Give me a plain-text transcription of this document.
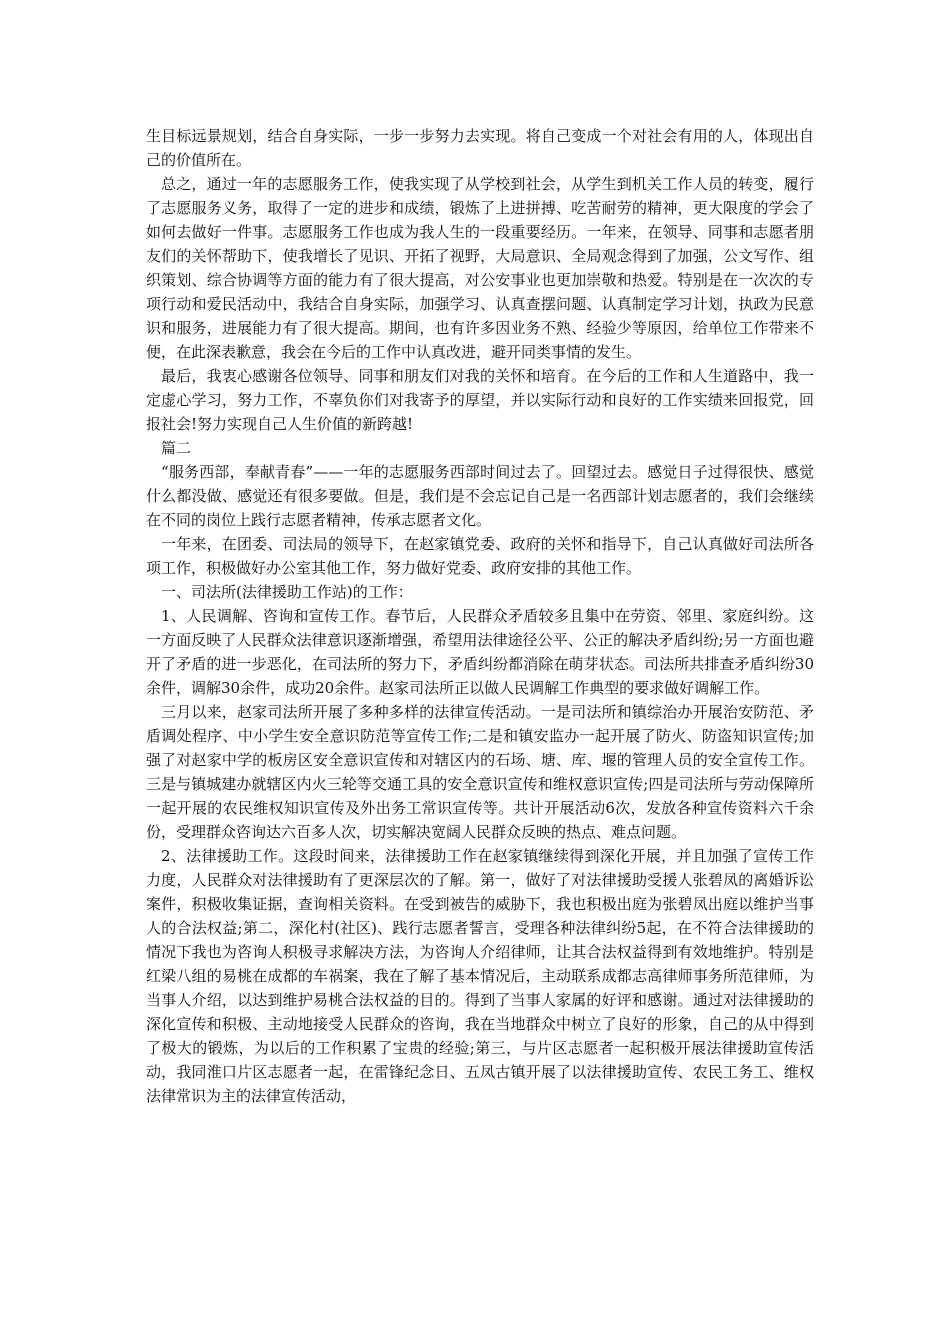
生目标远景规划，结合自身实际，一步一步努力去实现。将自己变成一个对社会有用的人，体现出自己的价值所在。

总之，通过一年的志愿服务工作，使我实现了从学校到社会，从学生到机关工作人员的转变，履行了志愿服务义务，取得了一定的进步和成绩，锻炼了上进拼搏、吃苦耐劳的精神，更大限度的学会了如何去做好一件事。志愿服务工作也成为我人生的一段重要经历。一年来，在领导、同事和志愿者朋友们的关怀帮助下，使我增长了见识、开拓了视野，大局意识、全局观念得到了加强，公文写作、组织策划、综合协调等方面的能力有了很大提高，对公安事业也更加崇敬和热爱。特别是在一次次的专项行动和爱民活动中，我结合自身实际，加强学习、认真查摆问题、认真制定学习计划，执政为民意识和服务，进展能力有了很大提高。期间，也有许多因业务不熟、经验少等原因，给单位工作带来不便，在此深表歉意，我会在今后的工作中认真改进，避开同类事情的发生。

最后，我衷心感谢各位领导、同事和朋友们对我的关怀和培育。在今后的工作和人生道路中，我一定虚心学习，努力工作，不辜负你们对我寄予的厚望，并以实际行动和良好的工作实绩来回报党，回报社会!努力实现自己人生价值的新跨越!

篇二

“服务西部，奉献青春”——一年的志愿服务西部时间过去了。回望过去。感觉日子过得很快、感觉什么都没做、感觉还有很多要做。但是，我们是不会忘记自己是一名西部计划志愿者的，我们会继续在不同的岗位上践行志愿者精神，传承志愿者文化。

一年来，在团委、司法局的领导下，在赵家镇党委、政府的关怀和指导下，自己认真做好司法所各项工作，积极做好办公室其他工作，努力做好党委、政府安排的其他工作。

一、司法所(法律援助工作站)的工作：

1、人民调解、咨询和宣传工作。春节后，人民群众矛盾较多且集中在劳资、邻里、家庭纠纷。这一方面反映了人民群众法律意识逐渐增强，希望用法律途径公平、公正的解决矛盾纠纷;另一方面也避开了矛盾的进一步恶化，在司法所的努力下，矛盾纠纷都消除在萌芽状态。司法所共排查矛盾纠纷30余件，调解30余件，成功20余件。赵家司法所正以做人民调解工作典型的要求做好调解工作。

三月以来，赵家司法所开展了多种多样的法律宣传活动。一是司法所和镇综治办开展治安防范、矛盾调处程序、中小学生安全意识防范等宣传工作;二是和镇安监办一起开展了防火、防盗知识宣传;加强了对赵家中学的板房区安全意识宣传和对辖区内的石场、塘、库、堰的管理人员的安全宣传工作。三是与镇城建办就辖区内火三轮等交通工具的安全意识宣传和维权意识宣传;四是司法所与劳动保障所一起开展的农民维权知识宣传及外出务工常识宣传等。共计开展活动6次，发放各种宣传资料六千余份，受理群众咨询达六百多人次，切实解决宽阔人民群众反映的热点、难点问题。

2、法律援助工作。这段时间来，法律援助工作在赵家镇继续得到深化开展，并且加强了宣传工作力度，人民群众对法律援助有了更深层次的了解。第一，做好了对法律援助受援人张碧凤的离婚诉讼案件，积极收集证据，查询相关资料。在受到被告的威胁下，我也积极出庭为张碧凤出庭以维护当事人的合法权益;第二，深化村(社区)、践行志愿者誓言，受理各种法律纠纷5起，在不符合法律援助的情况下我也为咨询人积极寻求解决方法，为咨询人介绍律师，让其合法权益得到有效地维护。特别是红梁八组的易桃在成都的车祸案，我在了解了基本情况后，主动联系成都志高律师事务所范律师，为当事人介绍，以达到维护易桃合法权益的目的。得到了当事人家属的好评和感谢。通过对法律援助的深化宣传和积极、主动地接受人民群众的咨询，我在当地群众中树立了良好的形象，自己的从中得到了极大的锻炼，为以后的工作积累了宝贵的经验;第三，与片区志愿者一起积极开展法律援助宣传活动，我同淮口片区志愿者一起，在雷锋纪念日、五凤古镇开展了以法律援助宣传、农民工务工、维权法律常识为主的法律宣传活动，
